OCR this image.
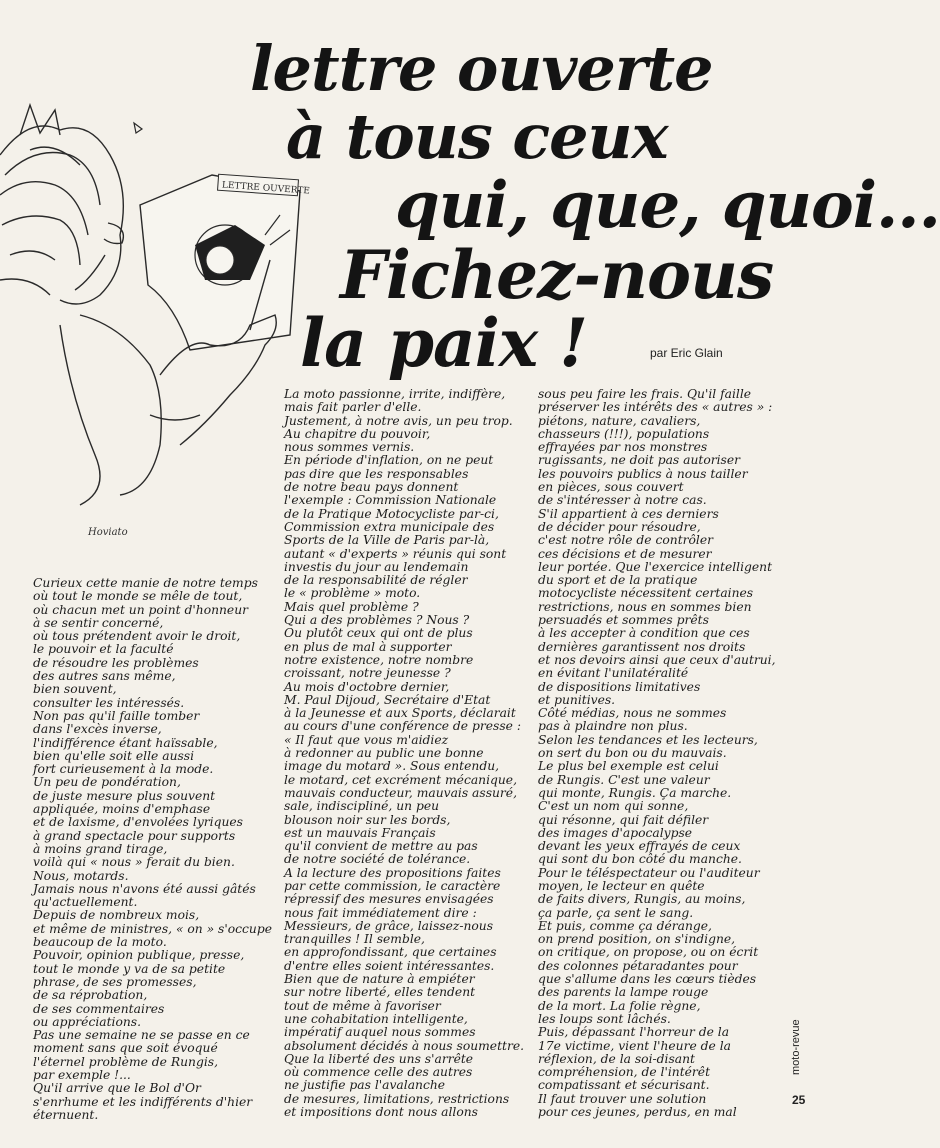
lettre ouverte
à tous ceux
qui, que, quoi...
Fichez-nous
la paix !	par Eric Glain
LETTRE OUVERTE
Hoviato
Curieux cette manie de notre temps
où tout le monde se mêle de tout,
où chacun met un point d'honneur
à se sentir concerné,
où tous prétendent avoir le droit,
le pouvoir et la faculté
de résoudre les problèmes
des autres sans même,
bien souvent,
consulter les intéressés.
Non pas qu'il faille tomber
dans l'excès inverse,
l'indifférence étant haïssable,
bien qu'elle soit elle aussi
fort curieusement à la mode.
Un peu de pondération,
de juste mesure plus souvent
appliquée, moins d'emphase
et de laxisme, d'envolées lyriques
à grand spectacle pour supports
à moins grand tirage,
voilà qui « nous » ferait du bien.
Nous, motards.
Jamais nous n'avons été aussi gâtés
qu'actuellement.
Depuis de nombreux mois,
et même de ministres, « on » s'occupe
beaucoup de la moto.
Pouvoir, opinion publique, presse,
tout le monde y va de sa petite
phrase, de ses promesses,
de sa réprobation,
de ses commentaires
ou appréciations.
Pas une semaine ne se passe en ce
moment sans que soit évoqué
l'éternel problème de Rungis,
par exemple !...
Qu'il arrive que le Bol d'Or
s'enrhume et les indifférents d'hier
éternuent.
La moto passionne, irrite, indiffère,
mais fait parler d'elle.
Justement, à notre avis, un peu trop.
Au chapitre du pouvoir,
nous sommes vernis.
En période d'inflation, on ne peut
pas dire que les responsables
de notre beau pays donnent
l'exemple : Commission Nationale
de la Pratique Motocycliste par-ci,
Commission extra municipale des
Sports de la Ville de Paris par-là,
autant « d'experts » réunis qui sont
investis du jour au lendemain
de la responsabilité de régler
le « problème » moto.
Mais quel problème ?
Qui a des problèmes ? Nous ?
Ou plutôt ceux qui ont de plus
en plus de mal à supporter
notre existence, notre nombre
croissant, notre jeunesse ?
Au mois d'octobre dernier,
M. Paul Dijoud, Secrétaire d'Etat
à la Jeunesse et aux Sports, déclarait
au cours d'une conférence de presse :
« Il faut que vous m'aidiez
à redonner au public une bonne
image du motard ». Sous entendu,
le motard, cet excrément mécanique,
mauvais conducteur, mauvais assuré,
sale, indiscipliné, un peu
blouson noir sur les bords,
est un mauvais Français
qu'il convient de mettre au pas
de notre société de tolérance.
A la lecture des propositions faites
par cette commission, le caractère
répressif des mesures envisagées
nous fait immédiatement dire :
Messieurs, de grâce, laissez-nous
tranquilles ! Il semble,
en approfondissant, que certaines
d'entre elles soient intéressantes.
Bien que de nature à empiéter
sur notre liberté, elles tendent
tout de même à favoriser
une cohabitation intelligente,
impératif auquel nous sommes
absolument décidés à nous soumettre.
Que la liberté des uns s'arrête
où commence celle des autres
ne justifie pas l'avalanche
de mesures, limitations, restrictions
et impositions dont nous allons
sous peu faire les frais. Qu'il faille
préserver les intérêts des « autres » :
piétons, nature, cavaliers,
chasseurs (!!!), populations
effrayées par nos monstres
rugissants, ne doit pas autoriser
les pouvoirs publics à nous tailler
en pièces, sous couvert
de s'intéresser à notre cas.
S'il appartient à ces derniers
de décider pour résoudre,
c'est notre rôle de contrôler
ces décisions et de mesurer
leur portée. Que l'exercice intelligent
du sport et de la pratique
motocycliste nécessitent certaines
restrictions, nous en sommes bien
persuadés et sommes prêts
à les accepter à condition que ces
dernières garantissent nos droits
et nos devoirs ainsi que ceux d'autrui,
en évitant l'unilatéralité
de dispositions limitatives
et punitives.
Côté médias, nous ne sommes
pas à plaindre non plus.
Selon les tendances et les lecteurs,
on sert du bon ou du mauvais.
Le plus bel exemple est celui
de Rungis. C'est une valeur
qui monte, Rungis. Ça marche.
C'est un nom qui sonne,
qui résonne, qui fait défiler
des images d'apocalypse
devant les yeux effrayés de ceux
qui sont du bon côté du manche.
Pour le téléspectateur ou l'auditeur
moyen, le lecteur en quête
de faits divers, Rungis, au moins,
ça parle, ça sent le sang.
Et puis, comme ça dérange,
on prend position, on s'indigne,
on critique, on propose, ou on écrit
des colonnes pétaradantes pour
que s'allume dans les cœurs tièdes
des parents la lampe rouge
de la mort. La folie règne,
les loups sont lâchés.
Puis, dépassant l'horreur de la
17e victime, vient l'heure de la
réflexion, de la soi-disant
compréhension, de l'intérêt
compatissant et sécurisant.
Il faut trouver une solution
pour ces jeunes, perdus, en mal
moto-revue
25
